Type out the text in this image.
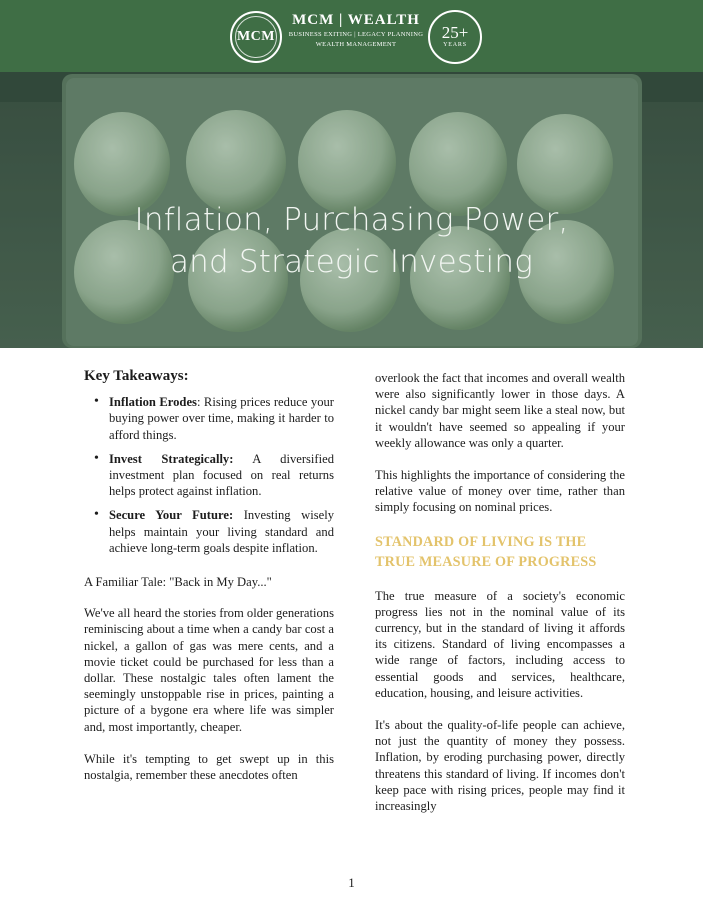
MCM
MCM | WEALTH
BUSINESS EXITING | LEGACY PLANNING
WEALTH MANAGEMENT
25+
YEARS
Inflation, Purchasing Power,
and Strategic Investing
Key Takeaways:
• Inflation Erodes: Rising prices reduce your buying power over time, making it harder to afford things.
• Invest Strategically: A diversified investment plan focused on real returns helps protect against inflation.
• Secure Your Future: Investing wisely helps maintain your living standard and achieve long-term goals despite inflation.
A Familiar Tale: "Back in My Day..."

We've all heard the stories from older generations reminiscing about a time when a candy bar cost a nickel, a gallon of gas was mere cents, and a movie ticket could be purchased for less than a dollar. These nostalgic tales often lament the seemingly unstoppable rise in prices, painting a picture of a bygone era where life was simpler and, most importantly, cheaper.

While it's tempting to get swept up in this nostalgia, remember these anecdotes often

overlook the fact that incomes and overall wealth were also significantly lower in those days. A nickel candy bar might seem like a steal now, but it wouldn't have seemed so appealing if your weekly allowance was only a quarter.

This highlights the importance of considering the relative value of money over time, rather than simply focusing on nominal prices.

STANDARD OF LIVING IS THE
TRUE MEASURE OF PROGRESS

The true measure of a society's economic progress lies not in the nominal value of its currency, but in the standard of living it affords its citizens. Standard of living encompasses a wide range of factors, including access to essential goods and services, healthcare, education, housing, and leisure activities.

It's about the quality-of-life people can achieve, not just the quantity of money they possess. Inflation, by eroding purchasing power, directly threatens this standard of living. If incomes don't keep pace with rising prices, people may find it increasingly

1
